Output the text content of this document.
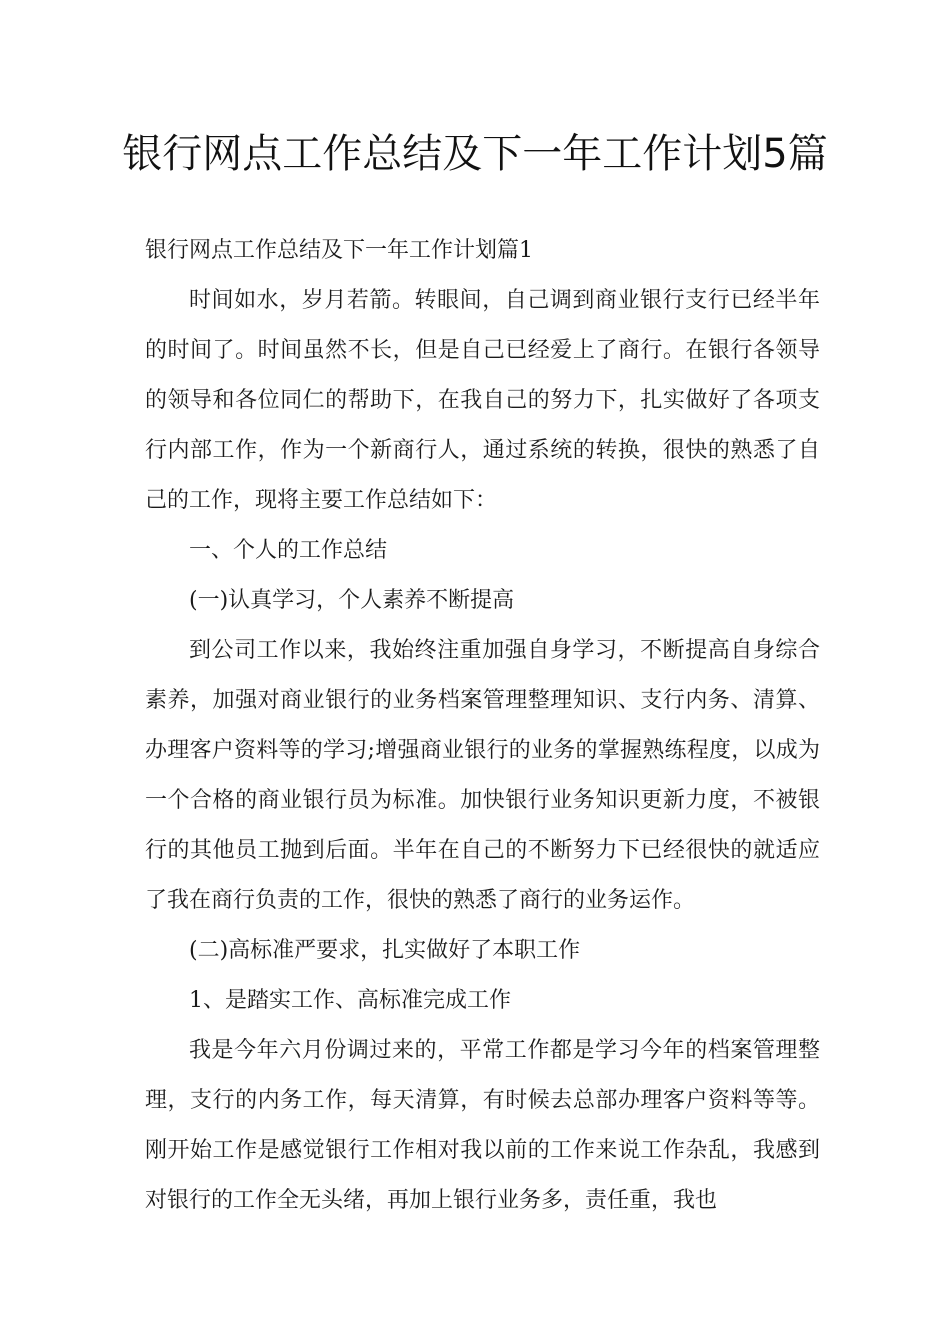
银行网点工作总结及下一年工作计划5篇

银行网点工作总结及下一年工作计划篇1

时间如水，岁月若箭。转眼间，自己调到商业银行支行已经半年的时间了。时间虽然不长，但是自己已经爱上了商行。在银行各领导的领导和各位同仁的帮助下，在我自己的努力下，扎实做好了各项支行内部工作，作为一个新商行人，通过系统的转换，很快的熟悉了自己的工作，现将主要工作总结如下：

一、个人的工作总结

(一)认真学习，个人素养不断提高

到公司工作以来，我始终注重加强自身学习，不断提高自身综合素养，加强对商业银行的业务档案管理整理知识、支行内务、清算、办理客户资料等的学习;增强商业银行的业务的掌握熟练程度，以成为一个合格的商业银行员为标准。加快银行业务知识更新力度，不被银行的其他员工抛到后面。半年在自己的不断努力下已经很快的就适应了我在商行负责的工作，很快的熟悉了商行的业务运作。

(二)高标准严要求，扎实做好了本职工作

1、是踏实工作、高标准完成工作

我是今年六月份调过来的，平常工作都是学习今年的档案管理整理，支行的内务工作，每天清算，有时候去总部办理客户资料等等。刚开始工作是感觉银行工作相对我以前的工作来说工作杂乱，我感到对银行的工作全无头绪，再加上银行业务多，责任重，我也
